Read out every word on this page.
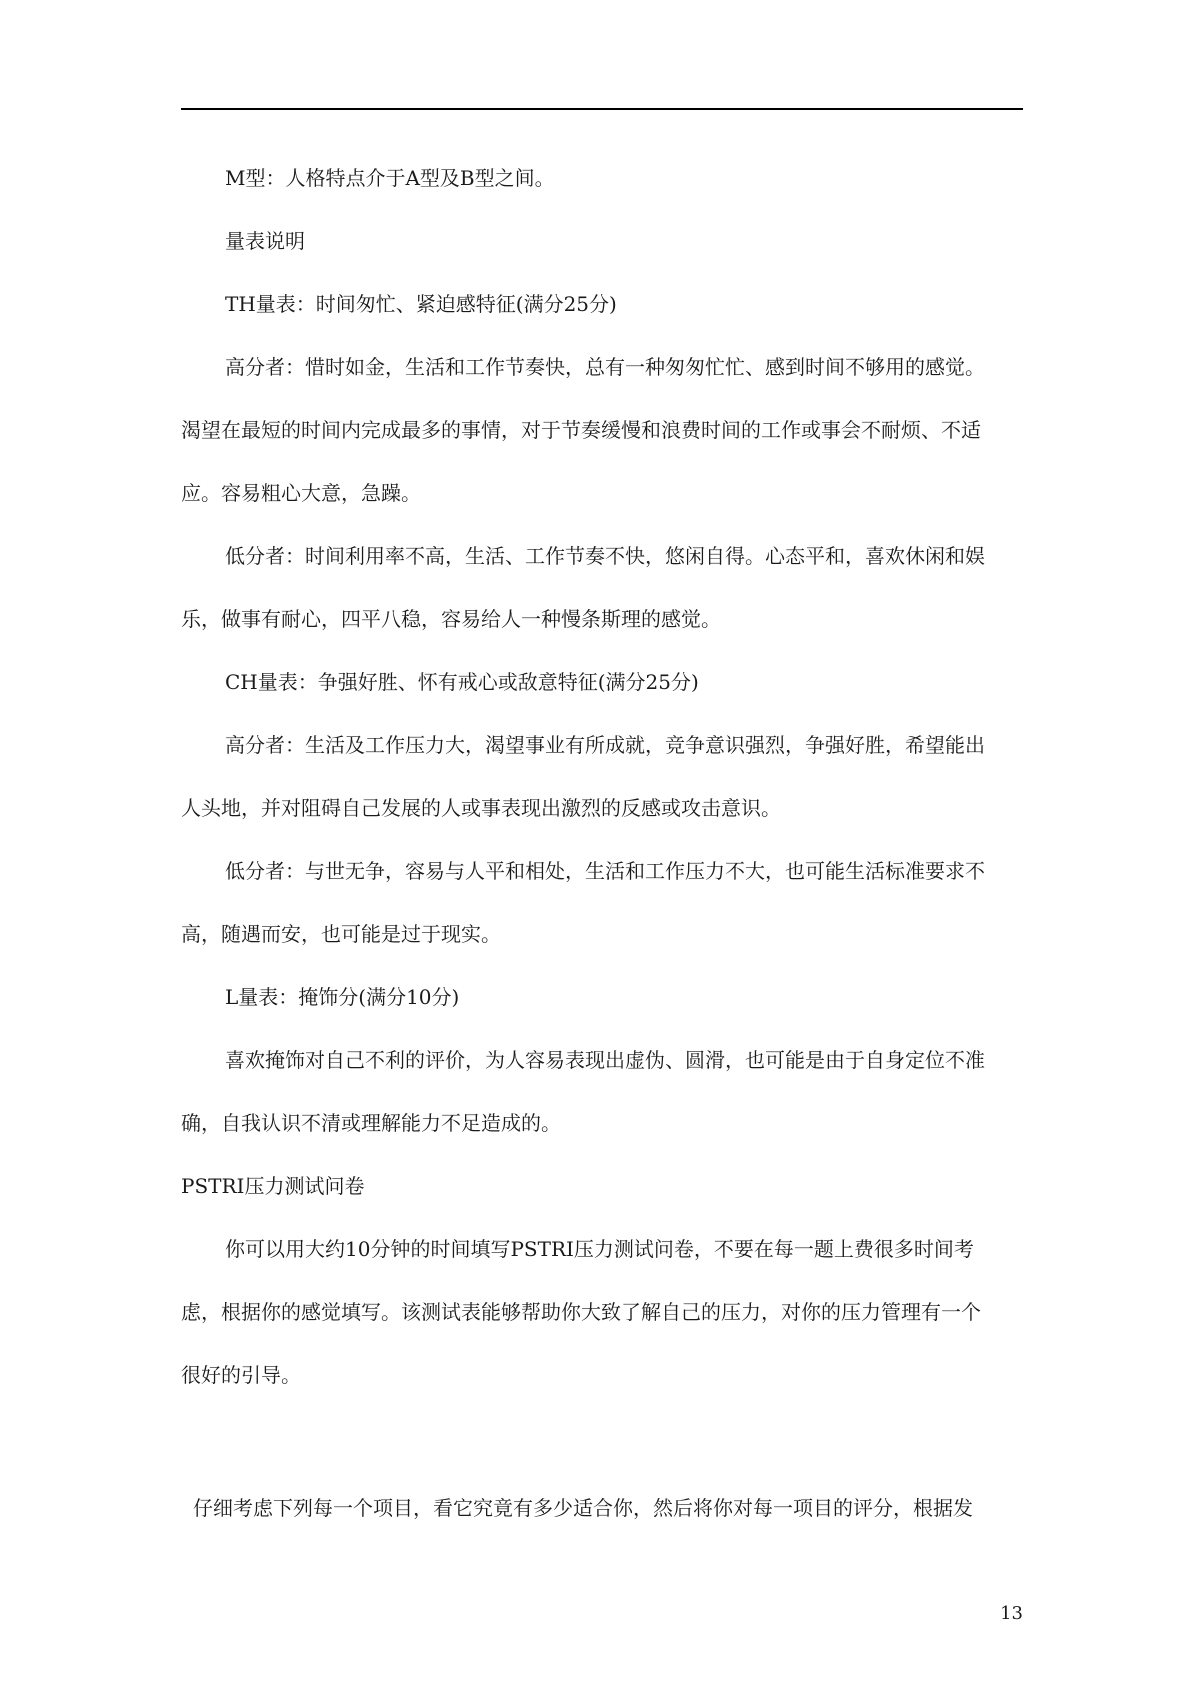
M型：人格特点介于A型及B型之间。
量表说明
TH量表：时间匆忙、紧迫感特征(满分25分)
高分者：惜时如金，生活和工作节奏快，总有一种匆匆忙忙、感到时间不够用的感觉。
渴望在最短的时间内完成最多的事情，对于节奏缓慢和浪费时间的工作或事会不耐烦、不适
应。容易粗心大意，急躁。
低分者：时间利用率不高，生活、工作节奏不快，悠闲自得。心态平和，喜欢休闲和娱
乐，做事有耐心，四平八稳，容易给人一种慢条斯理的感觉。
CH量表：争强好胜、怀有戒心或敌意特征(满分25分)
高分者：生活及工作压力大，渴望事业有所成就，竞争意识强烈，争强好胜，希望能出
人头地，并对阻碍自己发展的人或事表现出激烈的反感或攻击意识。
低分者：与世无争，容易与人平和相处，生活和工作压力不大，也可能生活标准要求不
高，随遇而安，也可能是过于现实。
L量表：掩饰分(满分10分)
喜欢掩饰对自己不利的评价，为人容易表现出虚伪、圆滑，也可能是由于自身定位不准
确，自我认识不清或理解能力不足造成的。
PSTRI压力测试问卷
你可以用大约10分钟的时间填写PSTRI压力测试问卷，不要在每一题上费很多时间考
虑，根据你的感觉填写。该测试表能够帮助你大致了解自己的压力，对你的压力管理有一个
很好的引导。
仔细考虑下列每一个项目，看它究竟有多少适合你，然后将你对每一项目的评分，根据发
13
